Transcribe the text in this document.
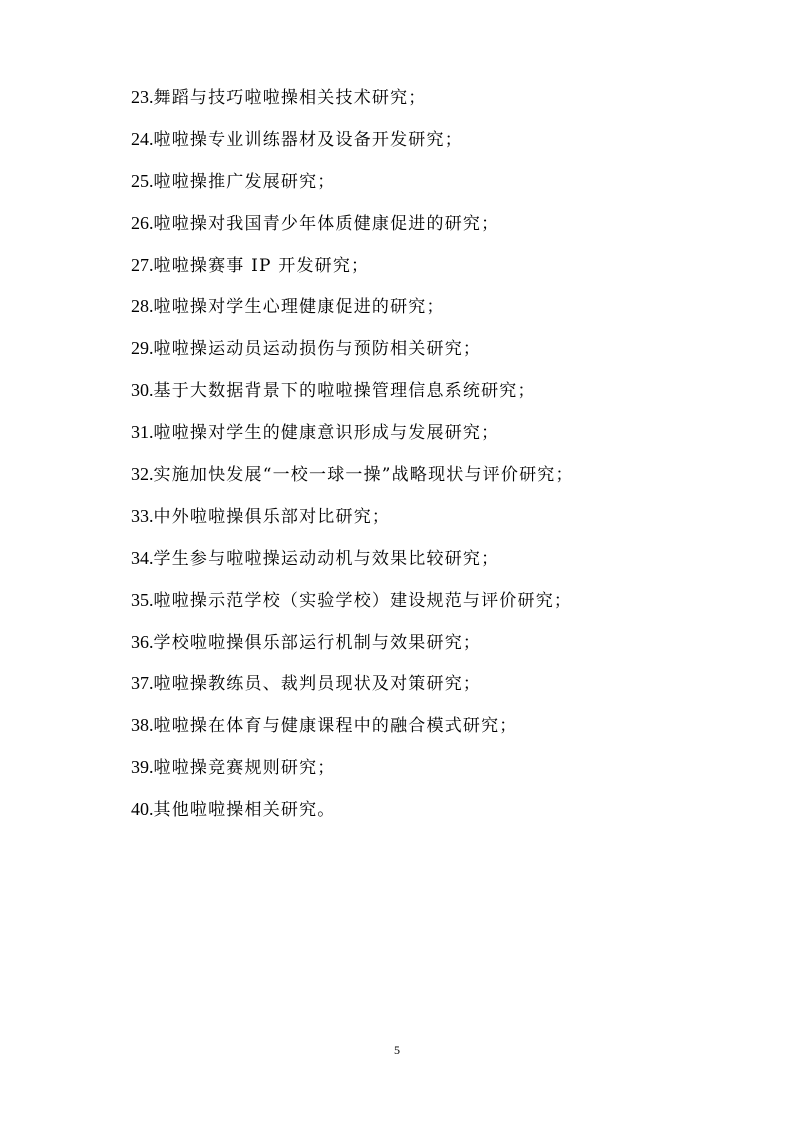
23.舞蹈与技巧啦啦操相关技术研究；
24.啦啦操专业训练器材及设备开发研究；
25.啦啦操推广发展研究；
26.啦啦操对我国青少年体质健康促进的研究；
27.啦啦操赛事 IP 开发研究；
28.啦啦操对学生心理健康促进的研究；
29.啦啦操运动员运动损伤与预防相关研究；
30.基于大数据背景下的啦啦操管理信息系统研究；
31.啦啦操对学生的健康意识形成与发展研究；
32.实施加快发展“一校一球一操”战略现状与评价研究；
33.中外啦啦操俱乐部对比研究；
34.学生参与啦啦操运动动机与效果比较研究；
35.啦啦操示范学校（实验学校）建设规范与评价研究；
36.学校啦啦操俱乐部运行机制与效果研究；
37.啦啦操教练员、裁判员现状及对策研究；
38.啦啦操在体育与健康课程中的融合模式研究；
39.啦啦操竞赛规则研究；
40.其他啦啦操相关研究。
5
